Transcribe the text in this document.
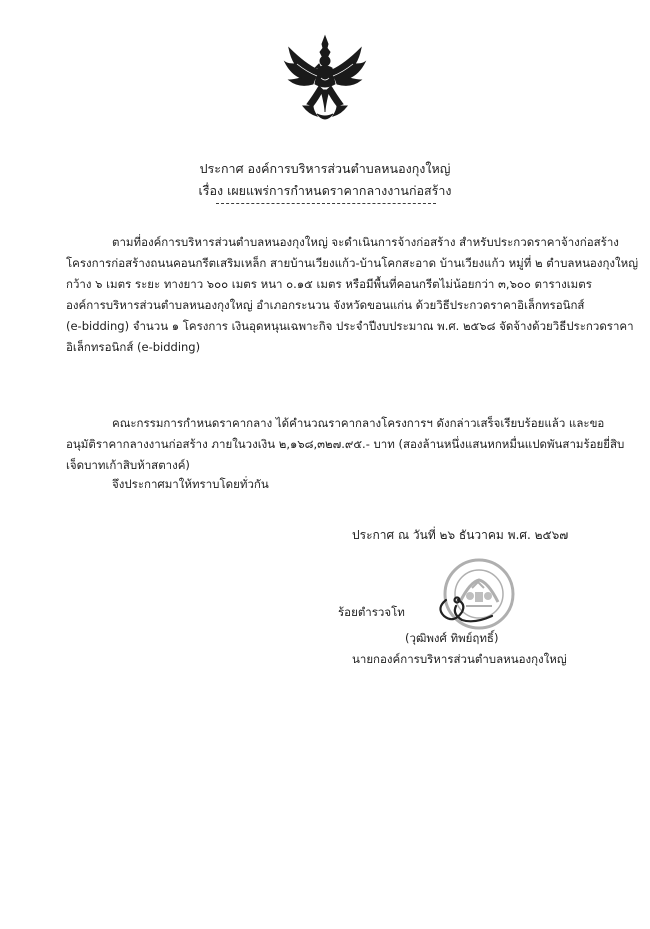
ประกาศ องค์การบริหารส่วนตำบลหนองกุงใหญ่
เรื่อง เผยแพร่การกำหนดราคากลางงานก่อสร้าง
ตามที่องค์การบริหารส่วนตำบลหนองกุงใหญ่ จะดำเนินการจ้างก่อสร้าง สำหรับประกวดราคาจ้างก่อสร้าง
โครงการก่อสร้างถนนคอนกรีตเสริมเหล็ก สายบ้านเวียงแก้ว-บ้านโคกสะอาด บ้านเวียงแก้ว หมู่ที่ ๒ ตำบลหนองกุงใหญ่
กว้าง ๖ เมตร ระยะ ทางยาว ๖๐๐ เมตร หนา ๐.๑๕ เมตร หรือมีพื้นที่คอนกรีตไม่น้อยกว่า ๓,๖๐๐ ตารางเมตร
องค์การบริหารส่วนตำบลหนองกุงใหญ่ อำเภอกระนวน จังหวัดขอนแก่น ด้วยวิธีประกวดราคาอิเล็กทรอนิกส์
(e-bidding) จำนวน ๑ โครงการ เงินอุดหนุนเฉพาะกิจ ประจำปีงบประมาณ พ.ศ. ๒๕๖๘ จัดจ้างด้วยวิธีประกวดราคา
อิเล็กทรอนิกส์ (e-bidding)
คณะกรรมการกำหนดราคากลาง ได้คำนวณราคากลางโครงการฯ ดังกล่าวเสร็จเรียบร้อยแล้ว และขอ
อนุมัติราคากลางงานก่อสร้าง ภายในวงเงิน ๒,๑๖๘,๓๒๗.๙๕.- บาท (สองล้านหนึ่งแสนหกหมื่นแปดพันสามร้อยยี่สิบ
เจ็ดบาทเก้าสิบห้าสตางค์)
จึงประกาศมาให้ทราบโดยทั่วกัน
ประกาศ ณ วันที่ ๒๖ ธันวาคม พ.ศ. ๒๕๖๗
ร้อยตำรวจโท
(วุฒิพงศ์ ทิพย์ฤทธิ์)
นายกองค์การบริหารส่วนตำบลหนองกุงใหญ่
